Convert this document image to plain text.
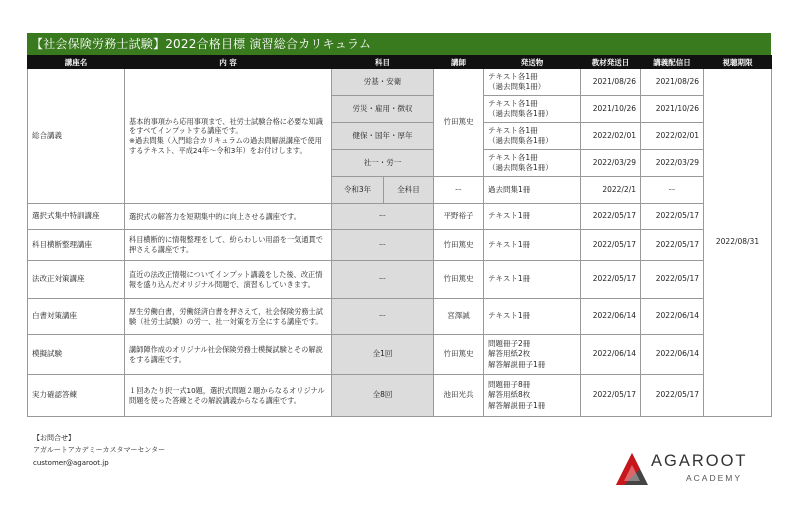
【社会保険労務士試験】2022合格目標 演習総合カリキュラム
講座名	内 容	科目		講師	発送物	教材発送日	講義配信日	視聴期限
総合講義	基本的事項から応用事項まで、社労士試験合格に必要な知識をすべてインプットする講座です。
※過去問集（入門総合カリキュラムの過去問解説講座で使用するテキスト、平成24年～令和3年）をお付けします。	労基・安衛		竹田篤史	テキスト各1冊
（過去問集1冊）	2021/08/26	2021/08/26	2022/08/31
		労災・雇用・徴収			テキスト各1冊
（過去問集各1冊）	2021/10/26	2021/10/26	
		健保・国年・厚年			テキスト各1冊
（過去問集各1冊）	2022/02/01	2022/02/01	
		社一・労一			テキスト各1冊
（過去問集各1冊）	2022/03/29	2022/03/29	
		令和3年	全科目	ー	過去問集1冊	2022/2/1	ー	
選択式集中特訓講座	選択式の解答力を短期集中的に向上させる講座です。	ー		平野裕子	テキスト1冊	2022/05/17	2022/05/17	
科目横断整理講座	科目横断的に情報整理をして、紛らわしい用語を一気通貫で押さえる講座です。	ー		竹田篤史	テキスト1冊	2022/05/17	2022/05/17	
法改正対策講座	直近の法改正情報についてインプット講義をした後、改正情報を盛り込んだオリジナル問題で、演習もしていきます。	ー		竹田篤史	テキスト1冊	2022/05/17	2022/05/17	
白書対策講座	厚生労働白書，労働経済白書を押さえて，社会保険労務士試験（社労士試験）の労一、社一対策を万全にする講座です。	ー		宮澤誠	テキスト1冊	2022/06/14	2022/06/14	
模擬試験	講師陣作成のオリジナル社会保険労務士模擬試験とその解説をする講座です。	全1回		竹田篤史	問題冊子2冊
解答用紙2枚
解答解説冊子1冊	2022/06/14	2022/06/14	
実力確認答練	１回あたり択一式10題，選択式問題２題からなるオリジナル問題を使った答練とその解説講義からなる講座です。	全8回		池田光兵	問題冊子8冊
解答用紙8枚
解答解説冊子1冊	2022/05/17	2022/05/17	
【お問合せ】
アガルートアカデミーカスタマーセンター
customer@agaroot.jp	AGAROOT
ACADEMY
